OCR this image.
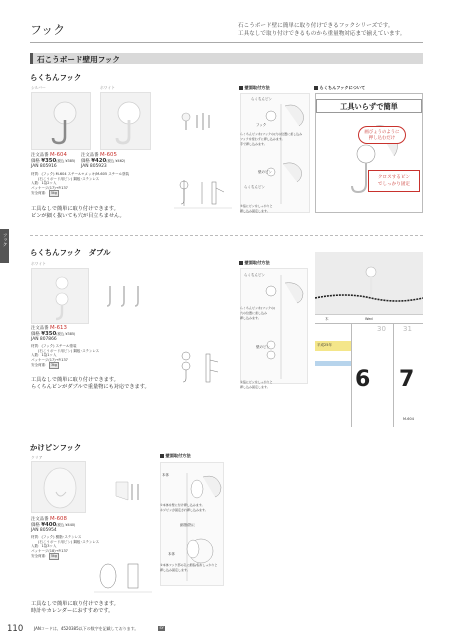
フック	石こうボード壁に簡単に取り付けできるフックシリーズです。
工具なしで取り付けできるものから重量物対応まで揃えています。
石こうボード壁用フック
フック
らくちんフック
シルバー	ホワイト
注文品番 M-604
価格 ¥350(税込 ¥385)
JAN 805916
注文品番 M-605
価格 ¥420(税込 ¥462)
JAN 805923
材質：(フック) M-604 スチール+メッキ/M-605 スチール塗装
　　(石こうボード用ピン) 鋼板･ステンレス
入数：1袋2ヶ入
パッケージ(17)→P.137
安全荷重： 5kg
工具なしで簡単に取り付けできます。
ピンが細く抜いても穴が目立ちません。
壁面取付方法
らくちんピン
フック
らくちんピンを(フックの)穴の位置に差し込み
フックを使わずに押し込みます。
手で押し込みます。
壁のピン
らくちんピン
③指にピンをしっかりと
押し込み固定します。
らくちんフックについて
工具いらずで簡単
画びょうのように
押し込むだけ
クロスするピン
でしっかり固定
らくちんフック　ダブル
ホワイト
注文品番 M-613
価格 ¥350(税込 ¥385)
JAN 807866
材質：(フック) スチール塗装
　　(石こうボード用ピン) 鋼板･ステンレス
入数：1袋1ヶ入
パッケージ(17)→P.137
安全荷重： 3kg
工具なしで簡単に取り付けできます。
らくちんピンがダブルで重量物にも対応できます。
壁面取付方法
らくちんピン
らくちんピンを(フックの)
穴の位置に差し込み
押し込みます。
壁のピン
②指にピンをしっかりと
押し込み固定します。
木	Wed
30 31
平成25年
6 7
M-604
かけピンフック
クリア
注文品番 M-608
価格 ¥400(税込 ¥440)
JAN 805954
材質：(フック) 樹脂･ステンレス
　　(石こうボード用ピン) 鋼板･ステンレス
入数：1袋3ヶ入
パッケージ(18)→P.137
安全荷重： 5kg
工具なしで簡単に取り付けできます。
時計やカレンダーにおすすめです。
壁面取付方法
本体
①本体を壁に付け押し込みます。
ネジピンが固定され押し込みます。
細指/指に
本体
②本体フック部の孔に細指/指をしっかりと
押し込み固定します。
110	JANコードは、4520385以下の数字を記載しております。	SY
